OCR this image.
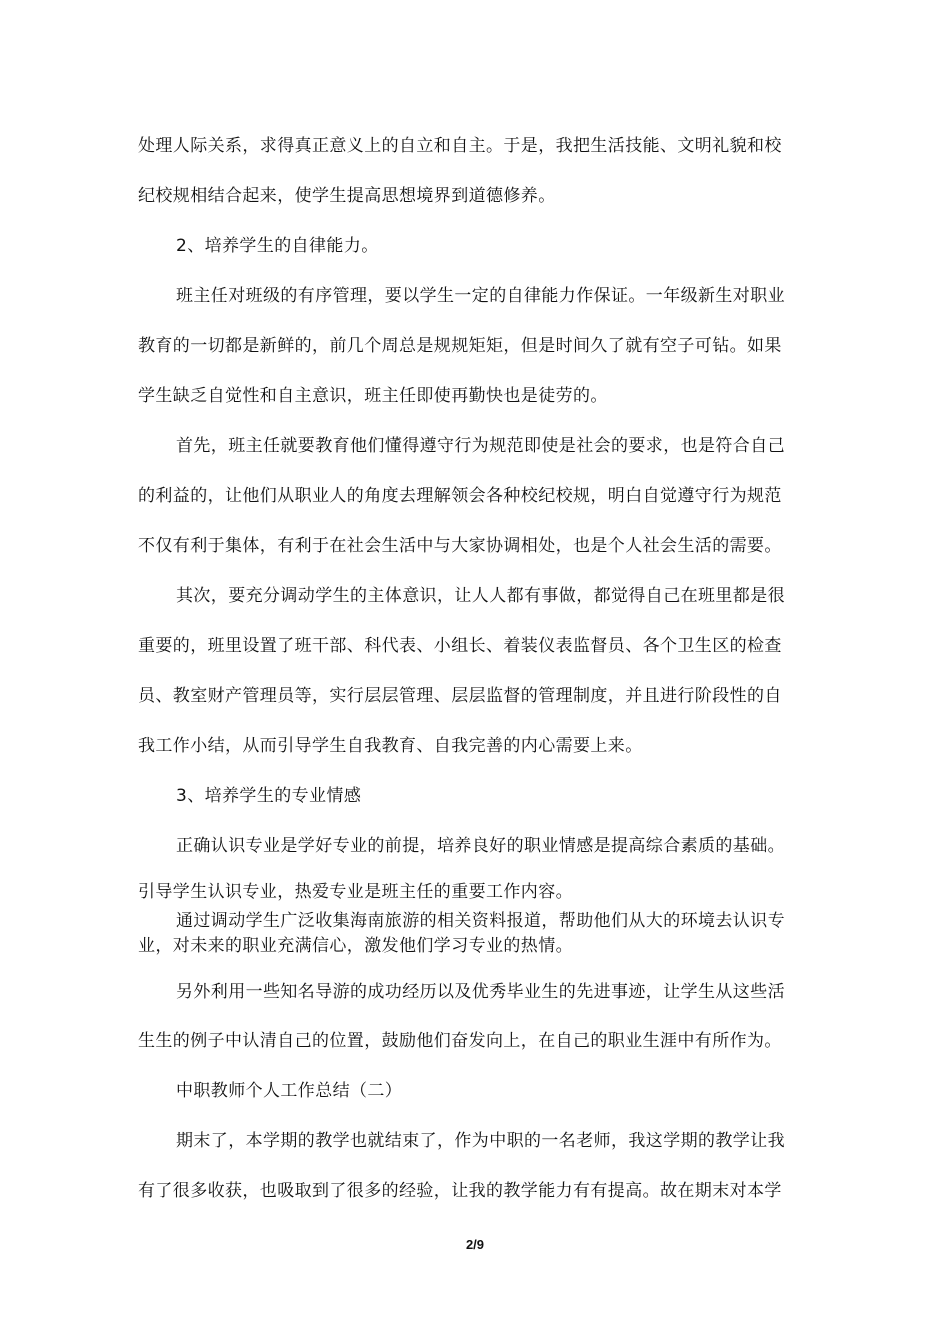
处理人际关系，求得真正意义上的自立和自主。于是，我把生活技能、文明礼貌和校
纪校规相结合起来，使学生提高思想境界到道德修养。
2、培养学生的自律能力。
班主任对班级的有序管理，要以学生一定的自律能力作保证。一年级新生对职业
教育的一切都是新鲜的，前几个周总是规规矩矩，但是时间久了就有空子可钻。如果
学生缺乏自觉性和自主意识，班主任即使再勤快也是徒劳的。
首先，班主任就要教育他们懂得遵守行为规范即使是社会的要求，也是符合自己
的利益的，让他们从职业人的角度去理解领会各种校纪校规，明白自觉遵守行为规范
不仅有利于集体，有利于在社会生活中与大家协调相处，也是个人社会生活的需要。
其次，要充分调动学生的主体意识，让人人都有事做，都觉得自己在班里都是很
重要的，班里设置了班干部、科代表、小组长、着装仪表监督员、各个卫生区的检查
员、教室财产管理员等，实行层层管理、层层监督的管理制度，并且进行阶段性的自
我工作小结，从而引导学生自我教育、自我完善的内心需要上来。
3、培养学生的专业情感
正确认识专业是学好专业的前提，培养良好的职业情感是提高综合素质的基础。
引导学生认识专业，热爱专业是班主任的重要工作内容。
通过调动学生广泛收集海南旅游的相关资料报道，帮助他们从大的环境去认识专
业，对未来的职业充满信心，激发他们学习专业的热情。
另外利用一些知名导游的成功经历以及优秀毕业生的先进事迹，让学生从这些活
生生的例子中认清自己的位置，鼓励他们奋发向上，在自己的职业生涯中有所作为。
中职教师个人工作总结（二）
期末了，本学期的教学也就结束了，作为中职的一名老师，我这学期的教学让我
有了很多收获，也吸取到了很多的经验，让我的教学能力有有提高。故在期末对本学
2/9
